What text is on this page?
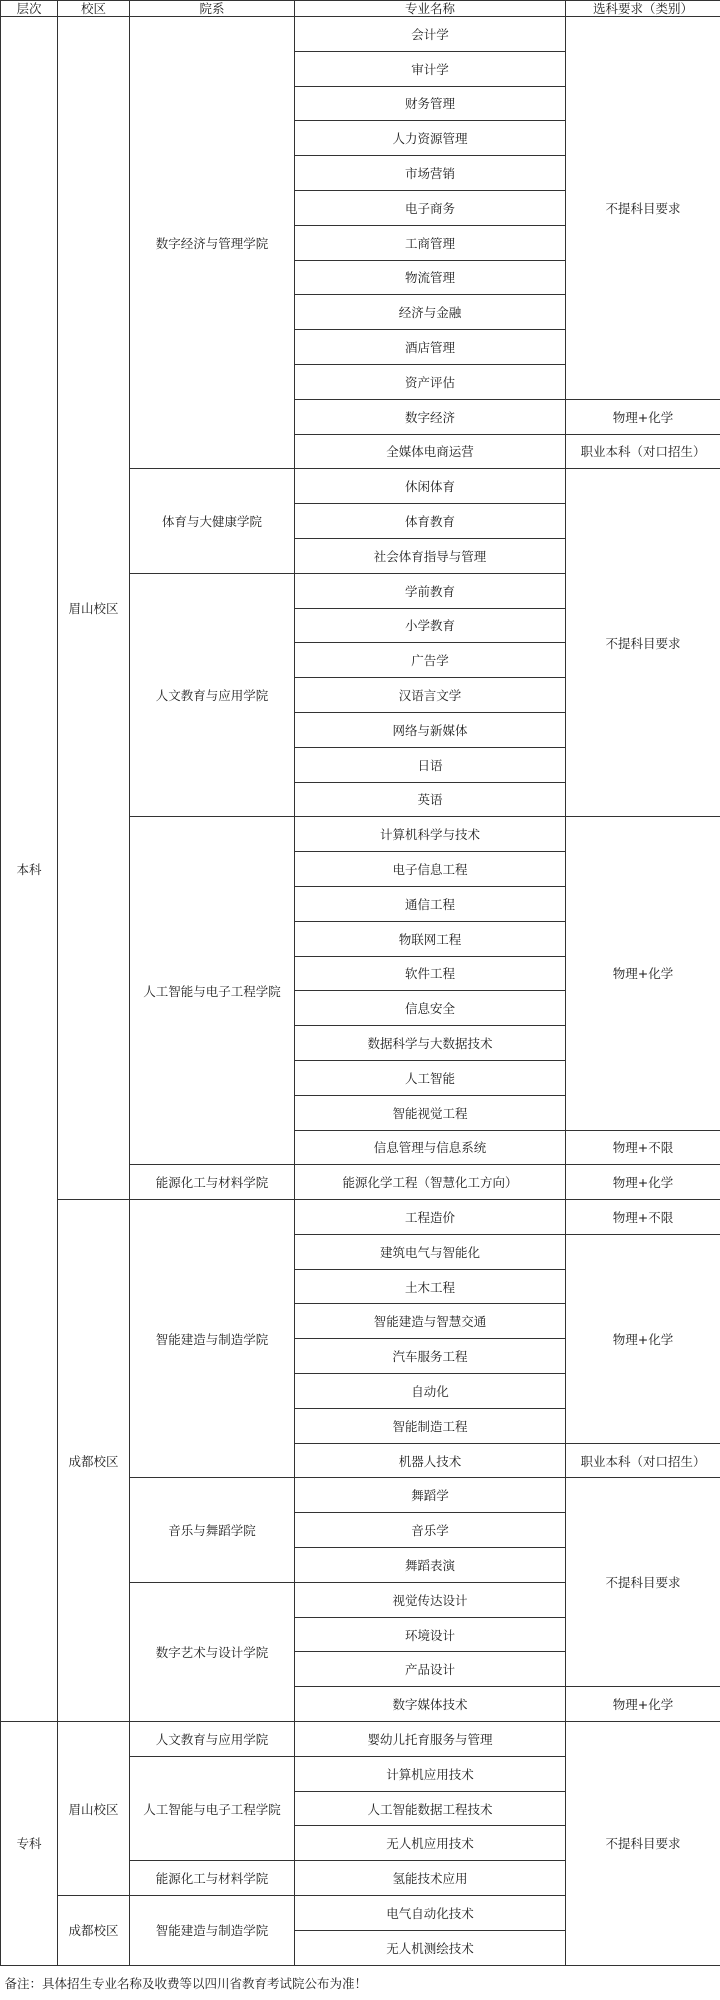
层次	校区	院系	专业名称	选科要求（类别）
本科	眉山校区	数字经济与管理学院	会计学	不提科目要求
			审计学	
			财务管理	
			人力资源管理	
			市场营销	
			电子商务	
			工商管理	
			物流管理	
			经济与金融	
			酒店管理	
			资产评估	
			数字经济	物理+化学
			全媒体电商运营	职业本科（对口招生）
		体育与大健康学院	休闲体育	不提科目要求
			体育教育	
			社会体育指导与管理	
		人文教育与应用学院	学前教育	
			小学教育	
			广告学	
			汉语言文学	
			网络与新媒体	
			日语	
			英语	
		人工智能与电子工程学院	计算机科学与技术	物理+化学
			电子信息工程	
			通信工程	
			物联网工程	
			软件工程	
			信息安全	
			数据科学与大数据技术	
			人工智能	
			智能视觉工程	
			信息管理与信息系统	物理+不限
		能源化工与材料学院	能源化学工程（智慧化工方向）	物理+化学
	成都校区	智能建造与制造学院	工程造价	物理+不限
			建筑电气与智能化	物理+化学
			土木工程	
			智能建造与智慧交通	
			汽车服务工程	
			自动化	
			智能制造工程	
			机器人技术	职业本科（对口招生）
		音乐与舞蹈学院	舞蹈学	不提科目要求
			音乐学	
			舞蹈表演	
		数字艺术与设计学院	视觉传达设计	
			环境设计	
			产品设计	
			数字媒体技术	物理+化学
专科	眉山校区	人文教育与应用学院	婴幼儿托育服务与管理	不提科目要求
		人工智能与电子工程学院	计算机应用技术	
			人工智能数据工程技术	
			无人机应用技术	
		能源化工与材料学院	氢能技术应用	
	成都校区	智能建造与制造学院	电气自动化技术	
			无人机测绘技术	
备注：具体招生专业名称及收费等以四川省教育考试院公布为准！				
